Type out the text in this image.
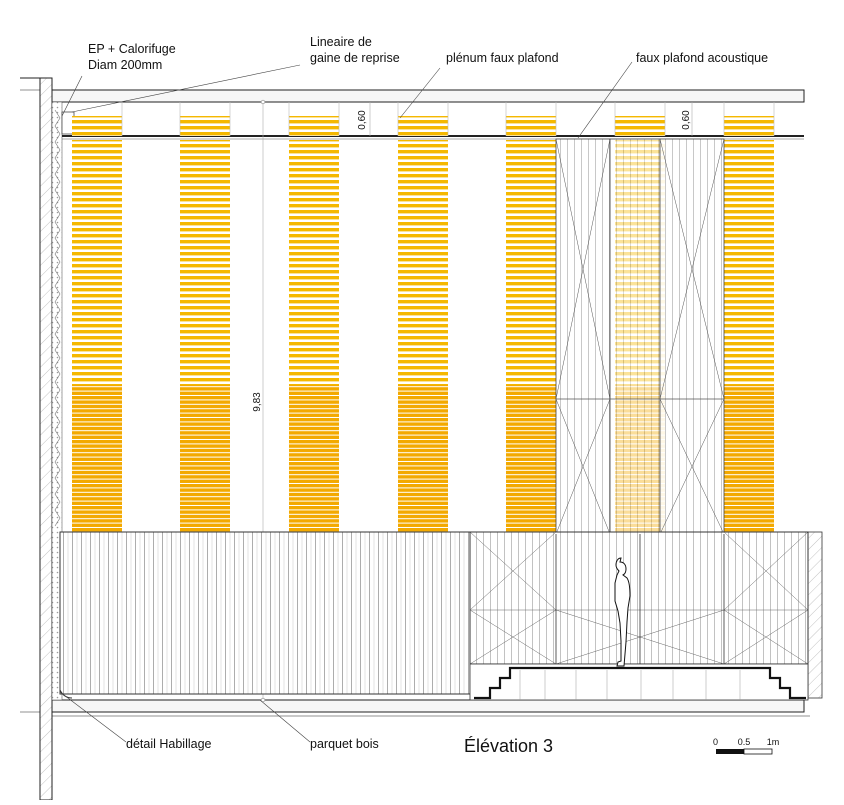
9,83
0,60	0,60
EP + Calorifuge
Diam 200mm
Lineaire de
gaine de reprise	plénum faux plafond	faux plafond acoustique
détail Habillage	parquet bois	Élévation 3	0 0.5 1m
